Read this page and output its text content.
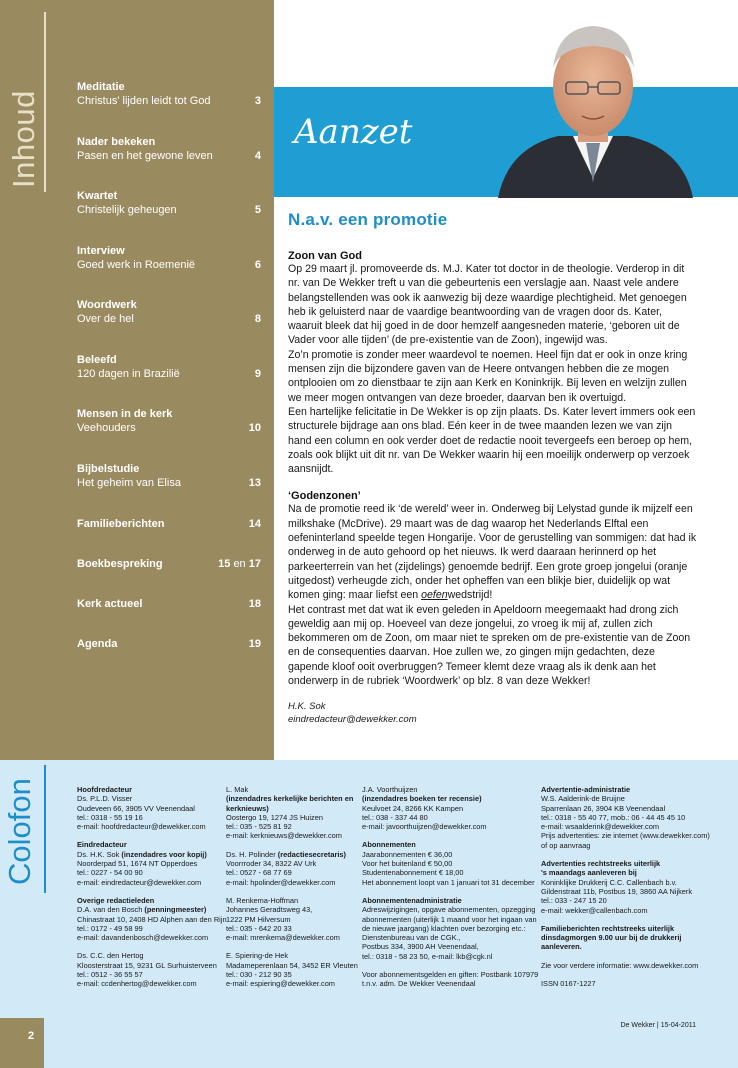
Inhoud
Meditatie
Christus' lijden leidt tot God	3
Nader bekeken
Pasen en het gewone leven	4
Kwartet
Christelijk geheugen	5
Interview
Goed werk in Roemenië	6
Woordwerk
Over de hel	8
Beleefd
120 dagen in Brazilië	9
Mensen in de kerk
Veehouders	10
Bijbelstudie
Het geheim van Elisa	13
Familieberichten	14
Boekbespreking	15 en 17
Kerk actueel	18
Agenda	19
Aanzet
N.a.v. een promotie
Zoon van God

Op 29 maart jl. promoveerde ds. M.J. Kater tot doctor in de theologie. Verderop in dit nr. van De Wekker treft u van die gebeurtenis een verslagje aan. Naast vele andere belangstellenden was ook ik aanwezig bij deze waardige plechtigheid. Met genoegen heb ik geluisterd naar de vaardige beantwoording van de vragen door ds. Kater, waaruit bleek dat hij goed in de door hemzelf aangesneden materie, ‘geboren uit de Vader voor alle tijden’ (de pre-existentie van de Zoon), ingewijd was.

Zo’n promotie is zonder meer waardevol te noemen. Heel fijn dat er ook in onze kring mensen zijn die bijzondere gaven van de Heere ontvangen hebben die ze mogen ontplooien om zo dienstbaar te zijn aan Kerk en Koninkrijk. Bij leven en welzijn zullen we meer mogen ontvangen van deze broeder, daarvan ben ik overtuigd.

Een hartelijke felicitatie in De Wekker is op zijn plaats. Ds. Kater levert immers ook een structurele bijdrage aan ons blad. Eén keer in de twee maanden lezen we van zijn hand een column en ook verder doet de redactie nooit tevergeefs een beroep op hem, zoals ook blijkt uit dit nr. van De Wekker waarin hij een moeilijk onderwerp op verzoek aansnijdt.

‘Godenzonen’

Na de promotie reed ik ‘de wereld’ weer in. Onderweg bij Lelystad gunde ik mijzelf een milkshake (McDrive). 29 maart was de dag waarop het Nederlands Elftal een oefeninterland speelde tegen Hongarije. Voor de gerustelling van sommigen: dat had ik onderweg in de auto gehoord op het nieuws. Ik werd daaraan herinnerd op het parkeerterrein van het (zijdelings) genoemde bedrijf. Een grote groep jongelui (oranje uitgedost) verheugde zich, onder het opheffen van een blikje bier, duidelijk op wat komen ging: maar liefst een oefenwedstrijd!

Het contrast met dat wat ik even geleden in Apeldoorn meegemaakt had drong zich geweldig aan mij op. Hoeveel van deze jongelui, zo vroeg ik mij af, zullen zich bekommeren om de Zoon, om maar niet te spreken om de pre-existentie van de Zoon en de consequenties daarvan. Hoe zullen we, zo gingen mijn gedachten, deze gapende kloof ooit overbruggen? Temeer klemt deze vraag als ik denk aan het onderwerp in de rubriek ‘Woordwerk’ op blz. 8 van deze Wekker!

H.K. Sok
eindredacteur@dewekker.com
Colofon	Hoofdredacteur
Ds. P.L.D. Visser
Oudeveen 66, 3905 VV Veenendaal
tel.: 0318 - 55 19 16
e-mail: hoofdredacteur@dewekker.com
Eindredacteur
Ds. H.K. Sok (inzendadres voor kopij)
Noorderpad 51, 1674 NT Opperdoes
tel.: 0227 - 54 00 90
e-mail: eindredacteur@dewekker.com
Overige redactieleden
D.A. van den Bosch (penningmeester)
Chinastraat 10, 2408 HD Alphen aan den Rijn
tel.: 0172 - 49 58 99
e-mail: davandenbosch@dewekker.com
Ds. C.C. den Hertog
Kloosterstraat 15, 9231 GL Surhuisterveen
tel.: 0512 - 36 55 57
e-mail: ccdenhertog@dewekker.com
L. Mak
(inzendadres kerkelijke berichten en
kerknieuws)
Oostergo 19, 1274 JS Huizen
tel.: 035 - 525 81 92
e-mail: kerknieuws@dewekker.com
Ds. H. Polinder (redactiesecretaris)
Voorrroder 34, 8322 AV Urk
tel.: 0527 - 68 77 69
e-mail: hpolinder@dewekker.com
M. Renkema-Hoffman
Johannes Geradtsweg 43,
1222 PM Hilversum
tel.: 035 - 642 20 33
e-mail: mrenkema@dewekker.com
E. Spiering-de Hek
Madameperenlaan 54, 3452 ER Vleuten
tel.: 030 - 212 90 35
e-mail: espiering@dewekker.com
J.A. Voorthuijzen
(inzendadres boeken ter recensie)
Keulvoet 24, 8266 KK Kampen
tel.: 038 - 337 44 80
e-mail: javoorthuijzen@dewekker.com
Abonnementen
Jaarabonnementen € 36,00
Voor het buitenland € 50,00
Studentenabonnement € 18,00
Het abonnement loopt van 1 januari tot 31 december
Abonnementenadministratie
Adreswijzigingen, opgave abonnementen, opzegging
abonnementen (uiterlijk 1 maand voor het ingaan van
de nieuwe jaargang) klachten over bezorging etc.:
Dienstenbureau van de CGK.,
Postbus 334, 3900 AH Veenendaal,
tel.: 0318 - 58 23 50, e-mail: lkb@cgk.nl
Voor abonnementsgelden en giften: Postbank 107979
t.n.v. adm. De Wekker Veenendaal
Advertentie-administratie
W.S. Aalderink-de Bruijne
Sparrenlaan 26, 3904 KB Veenendaal
tel.: 0318 - 55 40 77, mob.: 06 - 44 45 45 10
e-mail: wsaalderink@dewekker.com
Prijs advertenties: zie internet (www.dewekker.com)
of op aanvraag
Advertenties rechtstreeks uiterlijk
's maandags aanleveren bij
Koninklijke Drukkerij C.C. Callenbach b.v.
Gildenstraat 11b, Postbus 19, 3860 AA Nijkerk
tel.: 033 - 247 15 20
e-mail: wekker@callenbach.com
Familieberichten rechtstreeks uiterlijk
dinsdagmorgen 9.00 uur bij de drukkerij
aanleveren.
Zie voor verdere informatie: www.dewekker.com
ISSN 0167-1227
2
De Wekker | 15-04-2011
